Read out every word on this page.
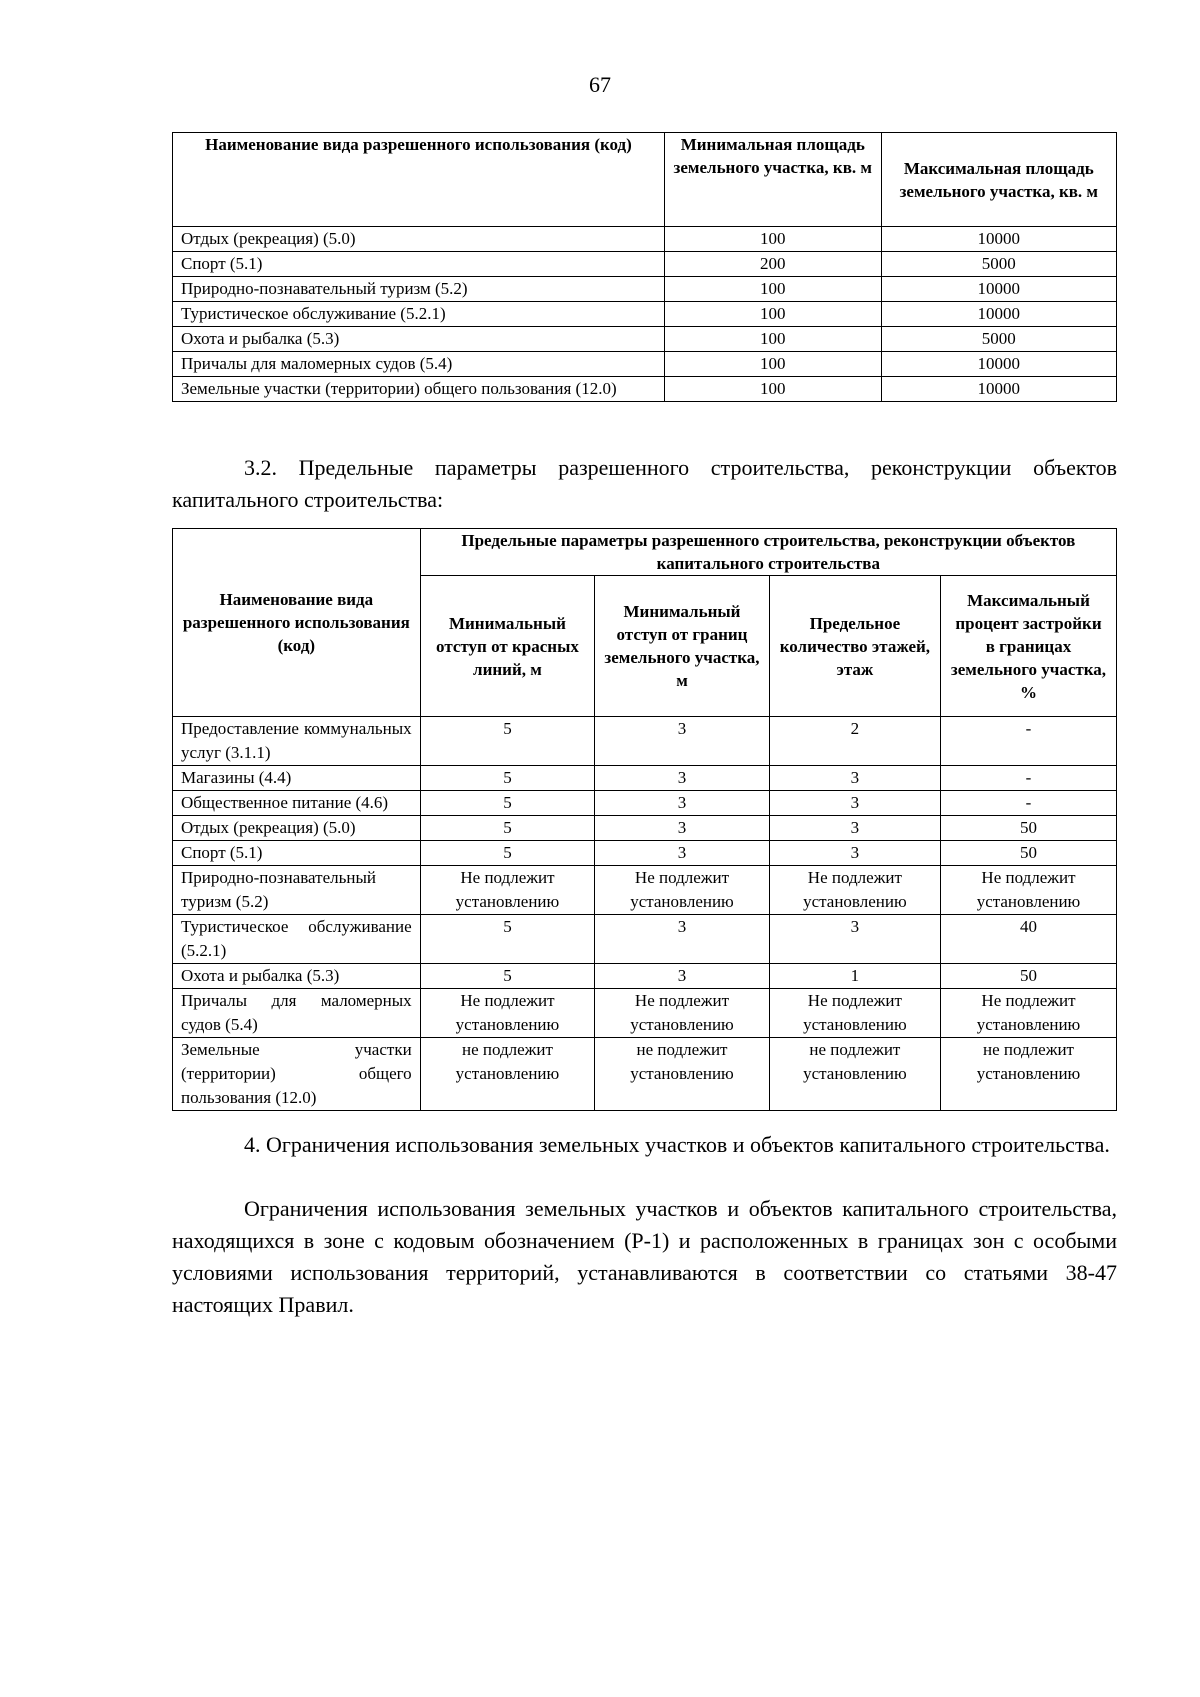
67
Наименование вида разрешенного использования (код)	Минимальная площадь земельного участка, кв. м	Максимальная площадь земельного участка, кв. м
Отдых (рекреация) (5.0)	100	10000
Спорт (5.1)	200	5000
Природно-познавательный туризм (5.2)	100	10000
Туристическое обслуживание (5.2.1)	100	10000
Охота и рыбалка (5.3)	100	5000
Причалы для маломерных судов (5.4)	100	10000
Земельные участки (территории) общего пользования (12.0)	100	10000

3.2. Предельные параметры разрешенного строительства, реконструкции объектов капитального строительства:

Наименование вида разрешенного использования (код)	Предельные параметры разрешенного строительства, реконструкции объектов капитального строительства			
	Минимальный отступ от красных линий, м	Минимальный отступ от границ земельного участка, м	Предельное количество этажей, этаж	Максимальный процент застройки в границах земельного участка, %
Предоставление коммунальных услуг (3.1.1)	5	3	2	-
Магазины (4.4)	5	3	3	-
Общественное питание (4.6)	5	3	3	-
Отдых (рекреация) (5.0)	5	3	3	50
Спорт (5.1)	5	3	3	50
Природно-познавательный туризм (5.2)	Не подлежит установлению	Не подлежит установлению	Не подлежит установлению	Не подлежит установлению
Туристическое обслуживание (5.2.1)	5	3	3	40
Охота и рыбалка (5.3)	5	3	1	50
Причалы для маломерных судов (5.4)	Не подлежит установлению	Не подлежит установлению	Не подлежит установлению	Не подлежит установлению
Земельные участки (территории) общего пользования (12.0)	не подлежит установлению	не подлежит установлению	не подлежит установлению	не подлежит установлению

4. Ограничения использования земельных участков и объектов капитального строительства.

Ограничения использования земельных участков и объектов капитального строительства, находящихся в зоне с кодовым обозначением (Р-1) и расположенных в границах зон с особыми условиями использования территорий, устанавливаются в соответствии со статьями 38-47 настоящих Правил.
